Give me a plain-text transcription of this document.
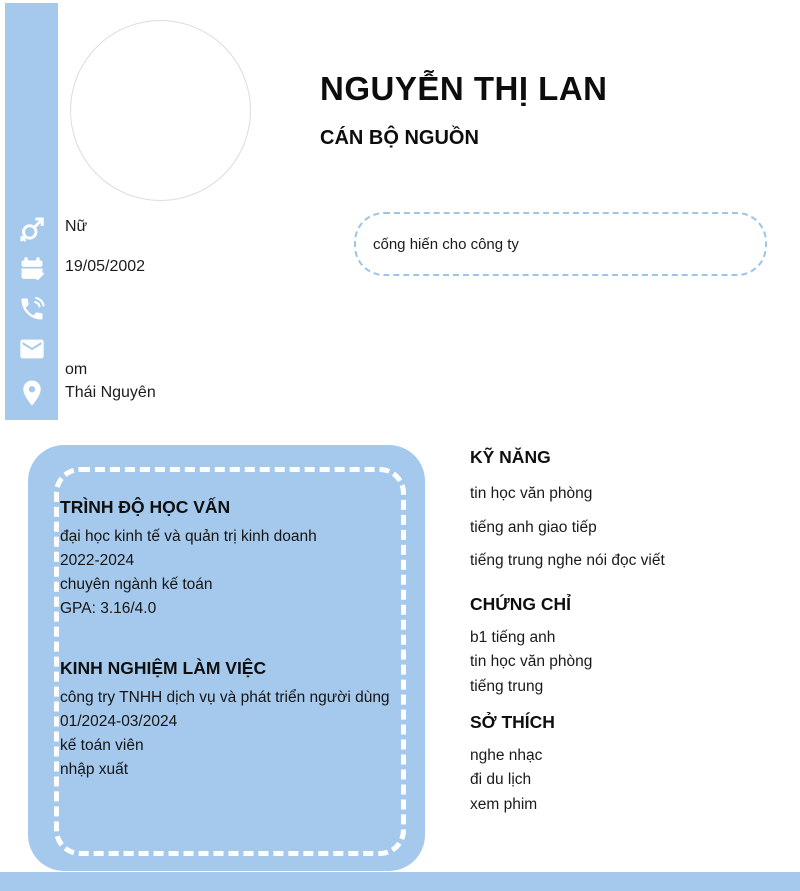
NGUYỄN THỊ LAN
CÁN BỘ NGUỒN
Nữ
19/05/2002
om
Thái Nguyên
cống hiến cho công ty
TRÌNH ĐỘ HỌC VẤN
đại học kinh tế và quản trị kinh doanh
2022-2024
chuyên ngành kế toán
GPA: 3.16/4.0
KINH NGHIỆM LÀM VIỆC

công try TNHH dịch vụ và phát triển người dùng

01/2024-03/2024
kế toán viên
nhập xuất
KỸ NĂNG
tin học văn phòng
tiếng anh giao tiếp
tiếng trung nghe nói đọc viết
CHỨNG CHỈ
b1 tiếng anh
tin học văn phòng
tiếng trung
SỞ THÍCH
nghe nhạc
đi du lịch
xem phim
